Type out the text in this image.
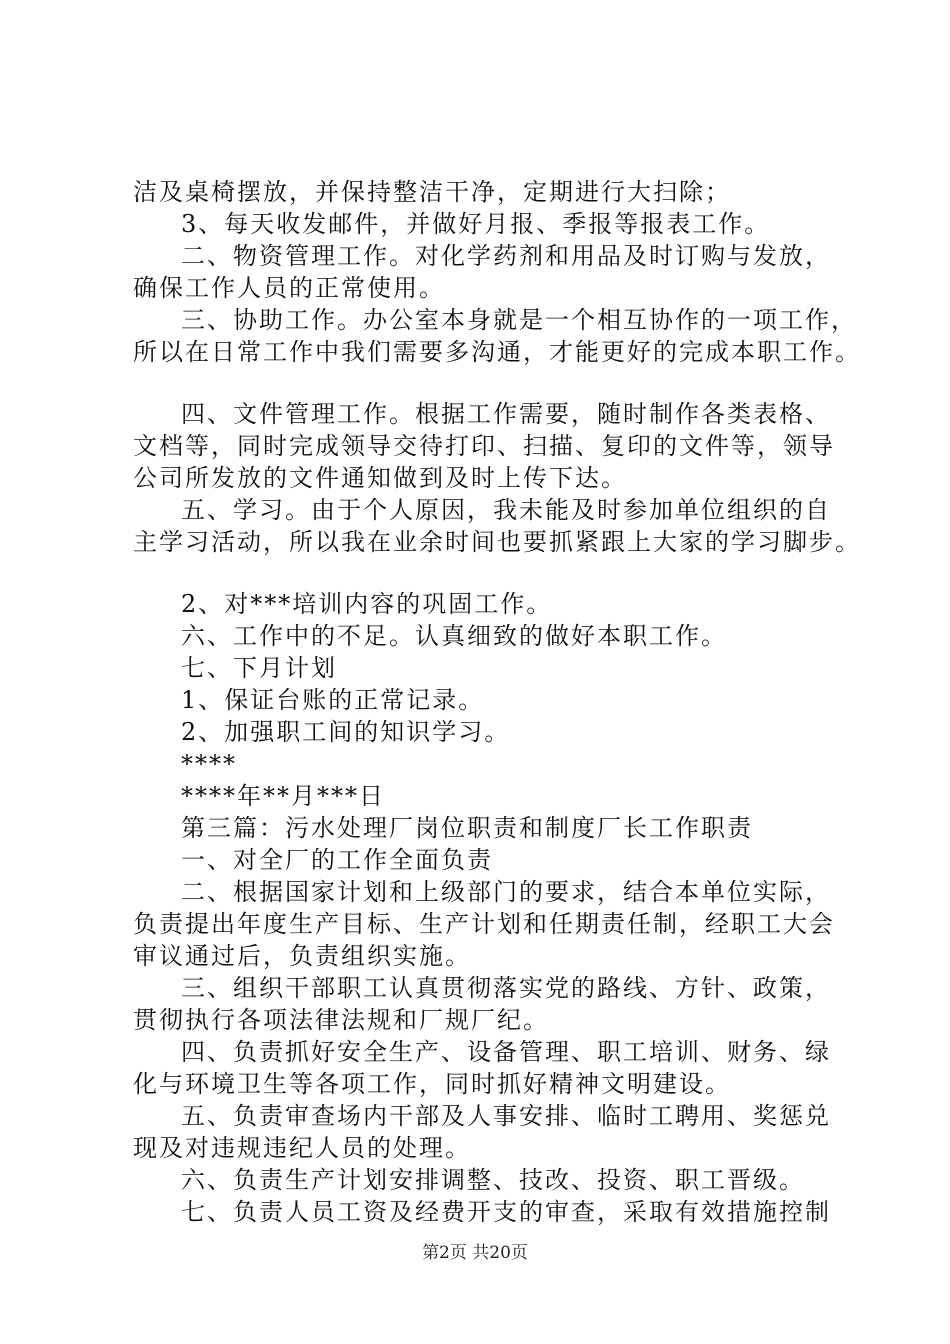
洁及桌椅摆放，并保持整洁干净，定期进行大扫除；
3、每天收发邮件，并做好月报、季报等报表工作。
二、物资管理工作。对化学药剂和用品及时订购与发放，
确保工作人员的正常使用。
三、协助工作。办公室本身就是一个相互协作的一项工作，
所以在日常工作中我们需要多沟通，才能更好的完成本职工作。
四、文件管理工作。根据工作需要，随时制作各类表格、
文档等，同时完成领导交待打印、扫描、复印的文件等，领导
公司所发放的文件通知做到及时上传下达。
五、学习。由于个人原因，我未能及时参加单位组织的自
主学习活动，所以我在业余时间也要抓紧跟上大家的学习脚步。
2、对***培训内容的巩固工作。
六、工作中的不足。认真细致的做好本职工作。
七、下月计划
1、保证台账的正常记录。
2、加强职工间的知识学习。
****
****年**月***日
第三篇：污水处理厂岗位职责和制度厂长工作职责
一、对全厂的工作全面负责
二、根据国家计划和上级部门的要求，结合本单位实际，
负责提出年度生产目标、生产计划和任期责任制，经职工大会
审议通过后，负责组织实施。
三、组织干部职工认真贯彻落实党的路线、方针、政策，
贯彻执行各项法律法规和厂规厂纪。
四、负责抓好安全生产、设备管理、职工培训、财务、绿
化与环境卫生等各项工作，同时抓好精神文明建设。
五、负责审查场内干部及人事安排、临时工聘用、奖惩兑
现及对违规违纪人员的处理。
六、负责生产计划安排调整、技改、投资、职工晋级。
七、负责人员工资及经费开支的审查，采取有效措施控制
第2页 共20页
